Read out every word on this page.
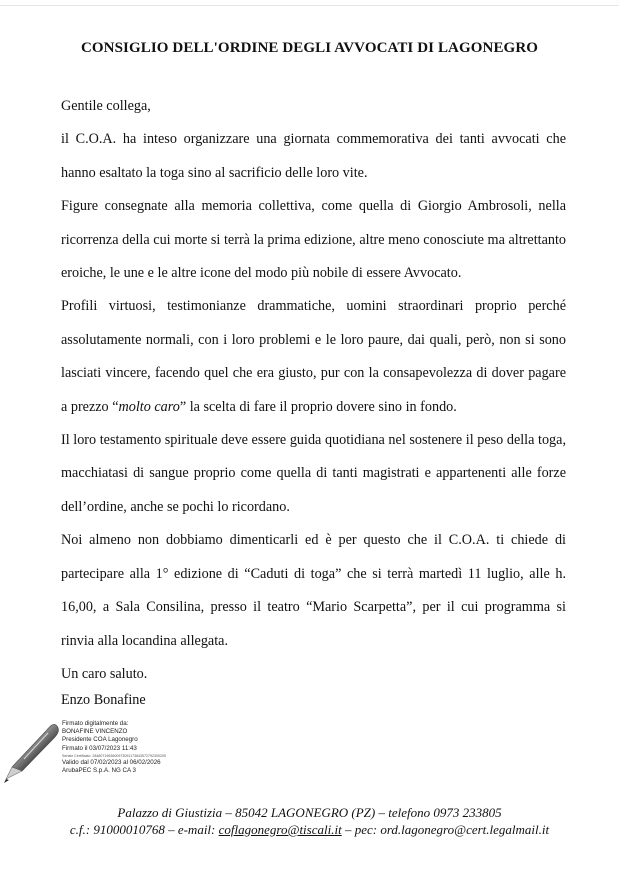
CONSIGLIO DELL'ORDINE DEGLI AVVOCATI DI LAGONEGRO

Gentile collega,

il C.O.A. ha inteso organizzare una giornata commemorativa dei tanti avvocati che hanno esaltato la toga sino al sacrificio delle loro vite.

Figure consegnate alla memoria collettiva, come quella di Giorgio Ambrosoli, nella ricorrenza della cui morte si terrà la prima edizione, altre meno conosciute ma altrettanto eroiche, le une e le altre icone del modo più nobile di essere Avvocato.

Profili virtuosi, testimonianze drammatiche, uomini straordinari proprio perché assolutamente normali, con i loro problemi e le loro paure, dai quali, però, non si sono lasciati vincere, facendo quel che era giusto, pur con la consapevolezza di dover pagare a prezzo “molto caro” la scelta di fare il proprio dovere sino in fondo.

Il loro testamento spirituale deve essere guida quotidiana nel sostenere il peso della toga, macchiatasi di sangue proprio come quella di tanti magistrati e appartenenti alle forze dell’ordine, anche se pochi lo ricordano.

Noi almeno non dobbiamo dimenticarli ed è per questo che il C.O.A. ti chiede di partecipare alla 1° edizione di “Caduti di toga” che si terrà martedì 11 luglio, alle h. 16,00, a Sala Consilina, presso il teatro “Mario Scarpetta”, per il cui programma si rinvia alla locandina allegata.

Un caro saluto.

Enzo Bonafine
Firmato digitalmente da:
BONAFINE VINCENZO
Presidente COA Lagonegro
Firmato il 03/07/2023 11:43
Seriale Certificato: 2848071963600973091173843572792300205
Valido dal 07/02/2023 al 06/02/2026
ArubaPEC S.p.A. NG CA 3
Palazzo di Giustizia – 85042 LAGONEGRO (PZ) – telefono 0973 233805
c.f.: 91000010768 – e-mail: coflagonegro@tiscali.it – pec: ord.lagonegro@cert.legalmail.it
